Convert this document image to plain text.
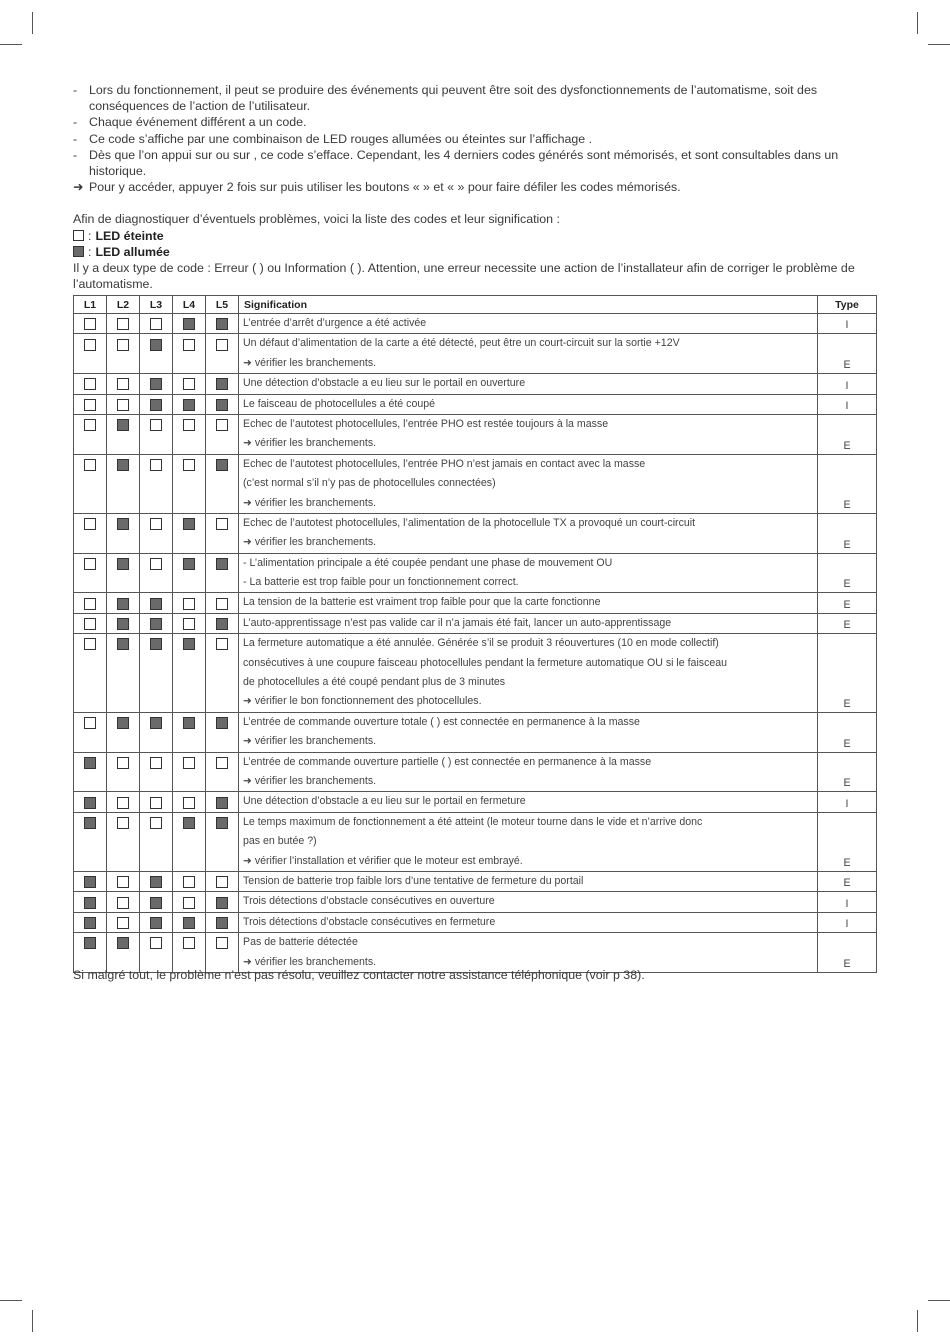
- Lors du fonctionnement, il peut se produire des événements qui peuvent être soit des dysfonctionnements de l’automatisme, soit des conséquences de l’action de l’utilisateur.
- Chaque événement différent a un code.
- Ce code s’affiche par une combinaison de LED rouges allumées ou éteintes sur l’affichage .
- Dès que l’on appui sur ou sur , ce code s’efface. Cependant, les 4 derniers codes générés sont mémorisés, et sont consultables dans un historique.
➜ Pour y accéder, appuyer 2 fois sur puis utiliser les boutons « » et « » pour faire défiler les codes mémorisés.
Afin de diagnostiquer d’éventuels problèmes, voici la liste des codes et leur signification :
: LED éteinte
: LED allumée
Il y a deux type de code : Erreur ( ) ou Information ( ). Attention, une erreur necessite une action de l’installateur afin de corriger le problème de l’automatisme.
L1	L2	L3	L4	L5	Signification	Type

					L’entrée d’arrêt d’urgence a été activée	I

					Un défaut d’alimentation de la carte a été détecté, peut être un court-circuit sur la sortie +12V
➜ vérifier les branchements.	E

					Une détection d’obstacle a eu lieu sur le portail en ouverture	I

					Le faisceau de photocellules a été coupé	I

					Echec de l’autotest photocellules, l’entrée PHO est restée toujours à la masse
➜ vérifier les branchements.	E

					Echec de l’autotest photocellules, l’entrée PHO n’est jamais en contact avec la masse
(c’est normal s’il n’y pas de photocellules connectées)
➜ vérifier les branchements.	E

					Echec de l’autotest photocellules, l’alimentation de la photocellule TX a provoqué un court-circuit
➜ vérifier les branchements.	E

					- L’alimentation principale a été coupée pendant une phase de mouvement OU
- La batterie est trop faible pour un fonctionnement correct.	E

					La tension de la batterie est vraiment trop faible pour que la carte fonctionne	E

					L’auto-apprentissage n’est pas valide car il n’a jamais été fait, lancer un auto-apprentissage	E

					La fermeture automatique a été annulée. Générée s’il se produit 3 réouvertures (10 en mode collectif)
consécutives à une coupure faisceau photocellules pendant la fermeture automatique OU si le faisceau
de photocellules a été coupé pendant plus de 3 minutes
➜ vérifier le bon fonctionnement des photocellules.	E

					L’entrée de commande ouverture totale ( ) est connectée en permanence à la masse
➜ vérifier les branchements.	E

					L’entrée de commande ouverture partielle ( ) est connectée en permanence à la masse
➜ vérifier les branchements.	E

					Une détection d’obstacle a eu lieu sur le portail en fermeture	I

					Le temps maximum de fonctionnement a été atteint (le moteur tourne dans le vide et n’arrive donc
pas en butée ?)
➜ vérifier l’installation et vérifier que le moteur est embrayé.	E

					Tension de batterie trop faible lors d’une tentative de fermeture du portail	E

					Trois détections d’obstacle consécutives en ouverture	I

					Trois détections d’obstacle consécutives en fermeture	I

					Pas de batterie détectée
➜ vérifier les branchements.	E
Si malgré tout, le problème n’est pas résolu, veuillez contacter notre assistance téléphonique (voir p 38).
